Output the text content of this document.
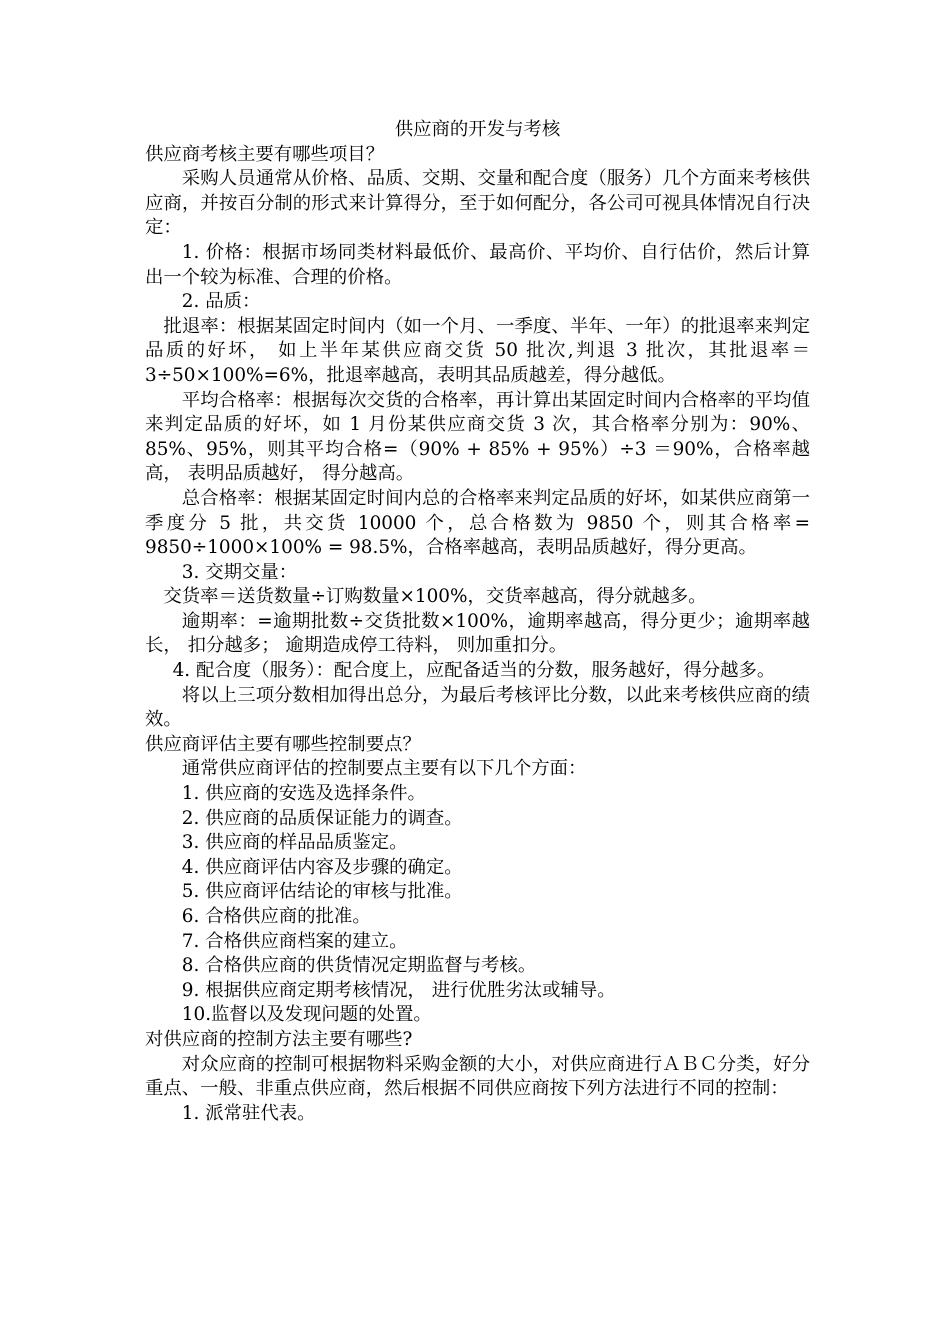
供应商的开发与考核

供应商考核主要有哪些项目？

采购人员通常从价格、品质、交期、交量和配合度（服务）几个方面来考核供应商，并按百分制的形式来计算得分，至于如何配分，各公司可视具体情况自行决定：

1. 价格：根据市场同类材料最低价、最高价、平均价、自行估价，然后计算出一个较为标准、合理的价格。

2. 品质：

批退率：根据某固定时间内（如一个月、一季度、半年、一年）的批退率来判定品质的好坏， 如上半年某供应商交货 50 批次,判退 3 批次，其批退率＝3÷50×100%=6%，批退率越高，表明其品质越差，得分越低。

平均合格率：根据每次交货的合格率，再计算出某固定时间内合格率的平均值来判定品质的好坏，如 1 月份某供应商交货 3 次，其合格率分别为：90%、85%、95%，则其平均合格=（90% + 85% + 95%）÷3 ＝90%，合格率越高， 表明品质越好， 得分越高。

总合格率：根据某固定时间内总的合格率来判定品质的好坏，如某供应商第一季度分 5 批，共交货 10000 个，总合格数为 9850 个，则其合格率= 9850÷1000×100% = 98.5%，合格率越高，表明品质越好，得分更高。

3. 交期交量：

交货率＝送货数量÷订购数量×100%，交货率越高，得分就越多。

逾期率：=逾期批数÷交货批数×100%，逾期率越高，得分更少；逾期率越长， 扣分越多； 逾期造成停工待料， 则加重扣分。

4. 配合度（服务）：配合度上，应配备适当的分数，服务越好，得分越多。

将以上三项分数相加得出总分，为最后考核评比分数，以此来考核供应商的绩效。

供应商评估主要有哪些控制要点？

通常供应商评估的控制要点主要有以下几个方面：

1. 供应商的安选及选择条件。

2. 供应商的品质保证能力的调查。

3. 供应商的样品品质鉴定。

4. 供应商评估内容及步骤的确定。

5. 供应商评估结论的审核与批准。

6. 合格供应商的批准。

7. 合格供应商档案的建立。

8. 合格供应商的供货情况定期监督与考核。

9. 根据供应商定期考核情况， 进行优胜劣汰或辅导。

10.监督以及发现问题的处置。

对供应商的控制方法主要有哪些?

对众应商的控制可根据物料采购金额的大小，对供应商进行ＡＢＣ分类，好分重点、一般、非重点供应商，然后根据不同供应商按下列方法进行不同的控制：

1. 派常驻代表。
